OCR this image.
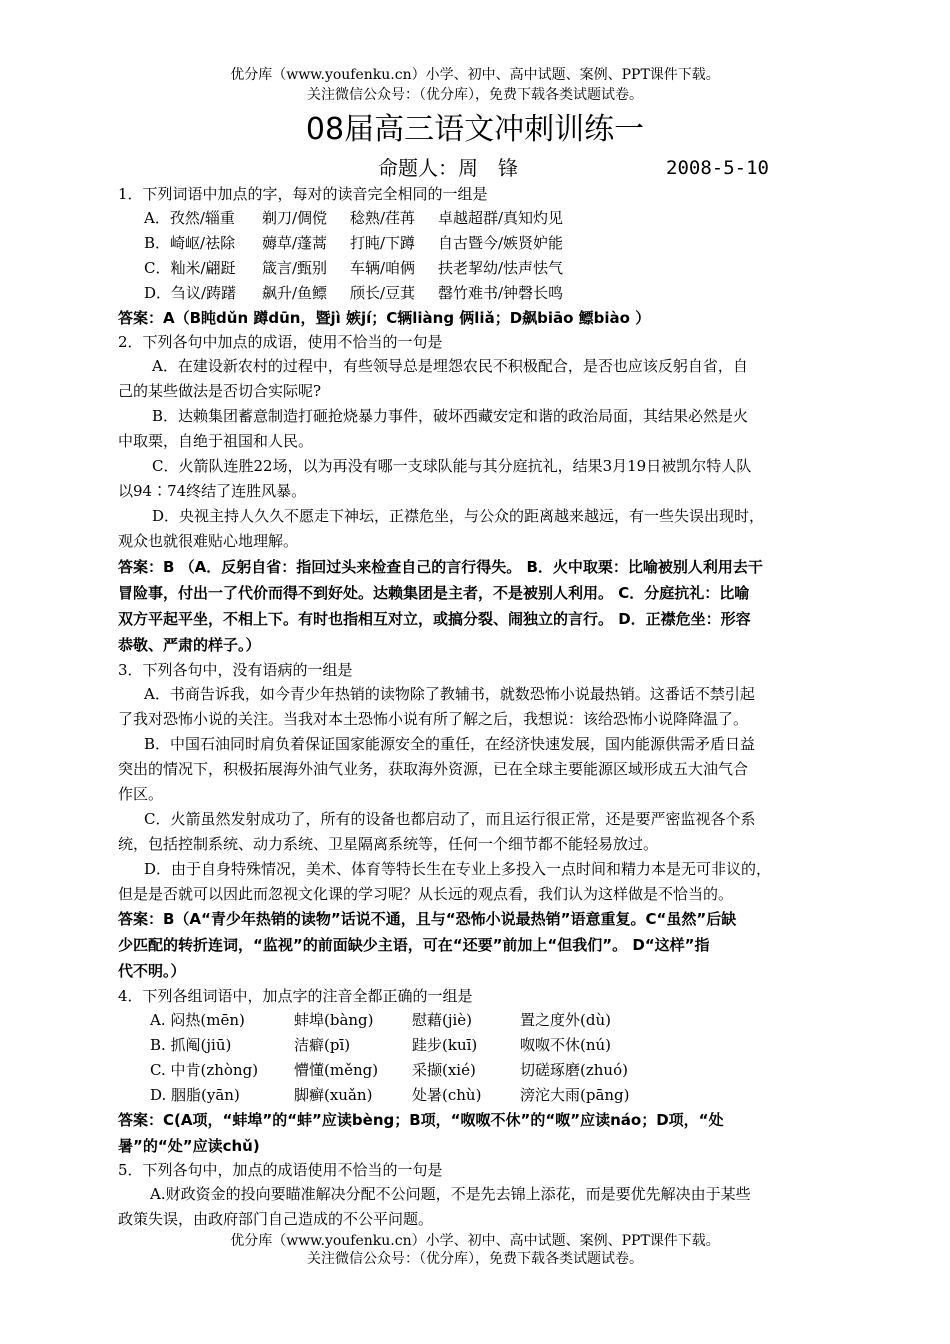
优分库（www.youfenku.cn）小学、初中、高中试题、案例、PPT课件下载。
关注微信公众号：（优分库），免费下载各类试题试卷。
08届高三语文冲刺训练一
命题人：周　锋	2008-5-10
1．下列词语中加点的字，每对的读音完全相同的一组是
A．孜然/辎重 剃刀/倜傥 稔熟/荏苒 卓越超群/真知灼见
B．崎岖/祛除 薅草/蓬蒿 打盹/下蹲 自古暨今/嫉贤妒能
C．籼米/翩跹 箴言/甄别 车辆/咱俩 扶老挈幼/怯声怯气
D．刍议/踌躇 飙升/鱼鳔 颀长/豆萁 罄竹难书/钟磬长鸣
答案：A（B盹dǔn 蹲dūn，暨jì 嫉jí；C辆liàng 俩liǎ；D飙biāo 鳔biào ）
2．下列各句中加点的成语，使用不恰当的一句是
A．在建设新农村的过程中，有些领导总是埋怨农民不积极配合，是否也应该反躬自省，自
己的某些做法是否切合实际呢?
B．达赖集团蓄意制造打砸抢烧暴力事件，破坏西藏安定和谐的政治局面，其结果必然是火
中取栗，自绝于祖国和人民。
C．火箭队连胜22场，以为再没有哪一支球队能与其分庭抗礼，结果3月19日被凯尔特人队
以94∶74终结了连胜风暴。
D．央视主持人久久不愿走下神坛，正襟危坐，与公众的距离越来越远，有一些失误出现时，
观众也就很难贴心地理解。
答案：B （A．反躬自省：指回过头来检查自己的言行得失。 B．火中取栗：比喻被别人利用去干
冒险事，付出一了代价而得不到好处。达赖集团是主者，不是被别人利用。 C．分庭抗礼：比喻
双方平起平坐，不相上下。有时也指相互对立，或搞分裂、闹独立的言行。 D．正襟危坐：形容
恭敬、严肃的样子。）
3．下列各句中，没有语病的一组是
A．书商告诉我，如今青少年热销的读物除了教辅书，就数恐怖小说最热销。这番话不禁引起
了我对恐怖小说的关注。当我对本土恐怖小说有所了解之后，我想说：该给恐怖小说降降温了。
B．中国石油同时肩负着保证国家能源安全的重任，在经济快速发展，国内能源供需矛盾日益
突出的情况下，积极拓展海外油气业务，获取海外资源，已在全球主要能源区域形成五大油气合
作区。
C．火箭虽然发射成功了，所有的设备也都启动了，而且运行很正常，还是要严密监视各个系
统，包括控制系统、动力系统、卫星隔离系统等，任何一个细节都不能轻易放过。
D．由于自身特殊情况，美术、体育等特长生在专业上多投入一点时间和精力本是无可非议的，
但是是否就可以因此而忽视文化课的学习呢？从长远的观点看，我们认为这样做是不恰当的。
答案：B（A“青少年热销的读物”话说不通，且与“恐怖小说最热销”语意重复。C“虽然”后缺
少匹配的转折连词，“监视”的前面缺少主语，可在“还要”前加上“但我们”。 D“这样”指
代不明。）
4．下列各组词语中，加点字的注音全都正确的一组是
A. 闷热(mēn)	蚌埠(bàng)	慰藉(jiè)	置之度外(dù)
B. 抓阄(jiū)	洁癖(pī)	跬步(kuī)	呶呶不休(nú)
C. 中肯(zhòng) 懵懂(měng) 采撷(xié)	切磋琢磨(zhuó)
D. 胭脂(yān)	脚癣(xuǎn)	处暑(chù)	滂沱大雨(pāng)
答案：C(A项，“蚌埠”的“蚌”应读bèng；B项，“呶呶不休”的“呶”应读náo；D项，“处
暑”的“处”应读chǔ)
5．下列各句中，加点的成语使用不恰当的一句是
A.财政资金的投向要瞄准解决分配不公问题，不是先去锦上添花，而是要优先解决由于某些
政策失误，由政府部门自己造成的不公平问题。
优分库（www.youfenku.cn）小学、初中、高中试题、案例、PPT课件下载。
关注微信公众号：（优分库），免费下载各类试题试卷。
